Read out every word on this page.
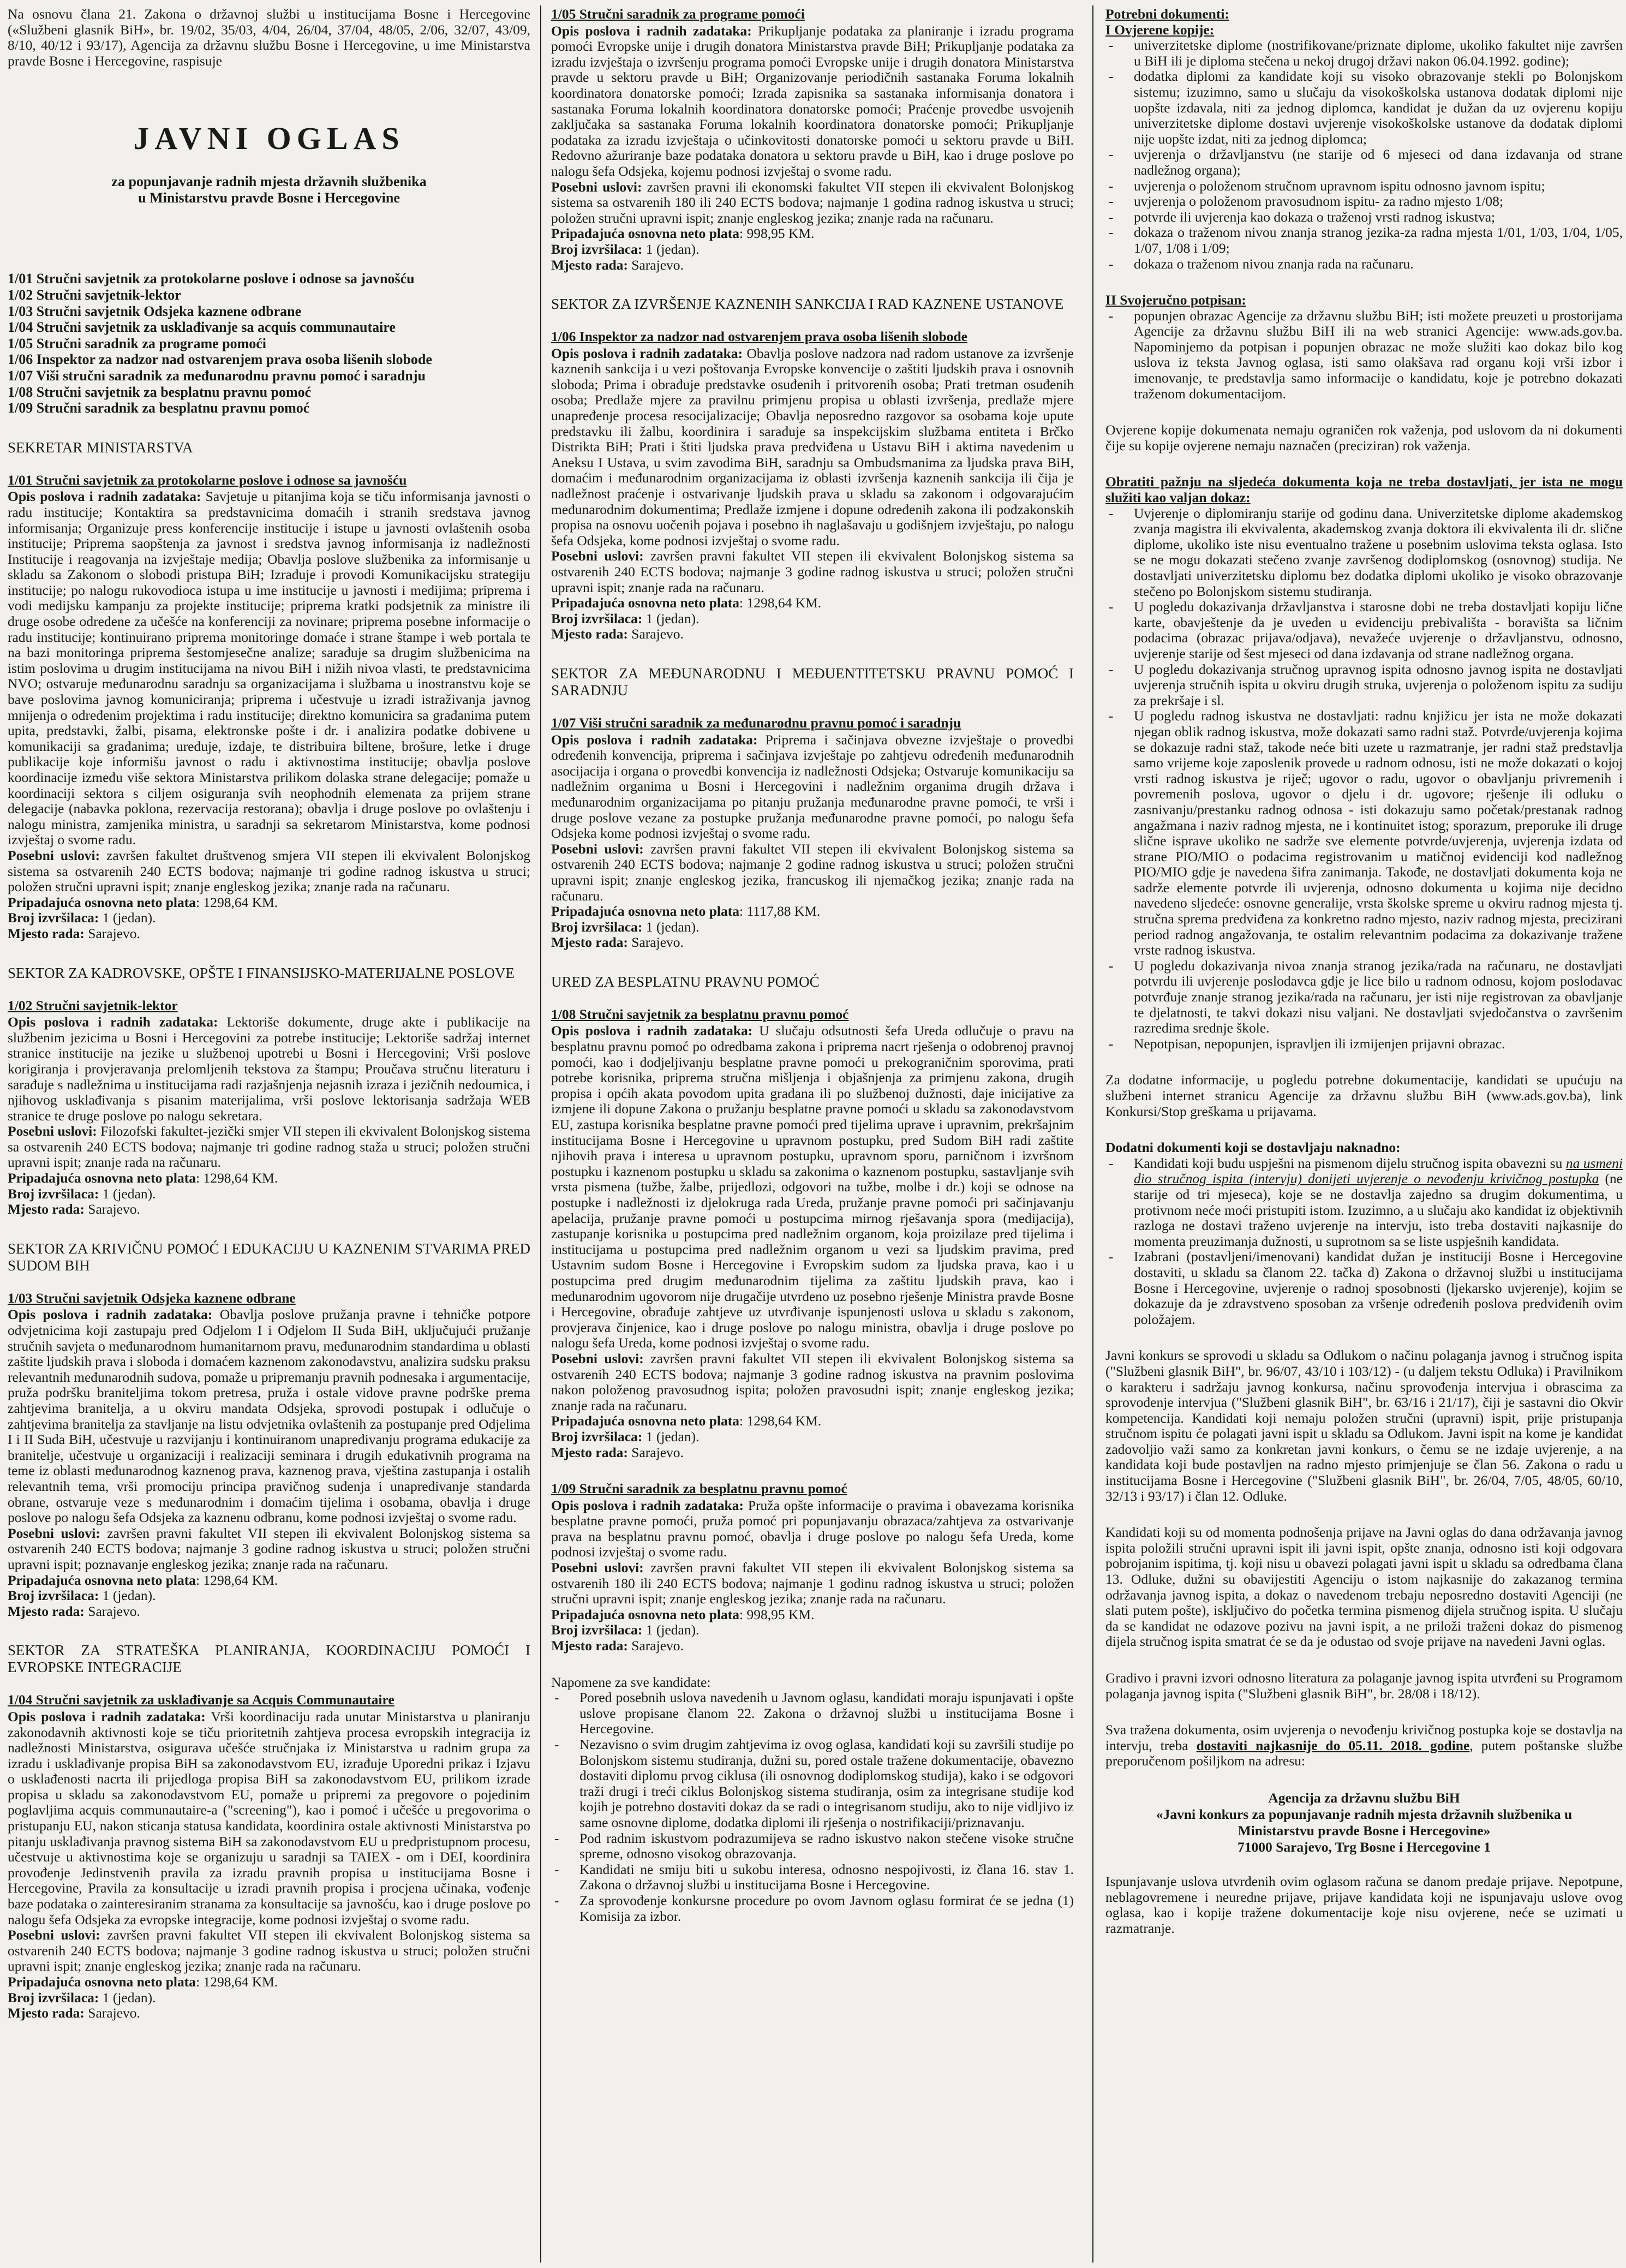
Na osnovu člana 21. Zakona o državnoj službi u institucijama Bosne i Hercegovine («Službeni glasnik BiH», br. 19/02, 35/03, 4/04, 26/04, 37/04, 48/05, 2/06, 32/07, 43/09, 8/10, 40/12 i 93/17), Agencija za državnu službu Bosne i Hercegovine, u ime Ministarstva pravde Bosne i Hercegovine, raspisuje

JAVNI OGLAS
za popunjavanje radnih mjesta državnih službenika
u Ministarstvu pravde Bosne i Hercegovine

1/01 Stručni savjetnik za protokolarne poslove i odnose sa javnošću

1/02 Stručni savjetnik-lektor

1/03 Stručni savjetnik Odsjeka kaznene odbrane

1/04 Stručni savjetnik za usklađivanje sa acquis communautaire

1/05 Stručni saradnik za programe pomoći

1/06 Inspektor za nadzor nad ostvarenjem prava osoba lišenih slobode

1/07 Viši stručni saradnik za međunarodnu pravnu pomoć i saradnju

1/08 Stručni savjetnik za besplatnu pravnu pomoć

1/09 Stručni saradnik za besplatnu pravnu pomoć

SEKRETAR MINISTARSTVA

1/01 Stručni savjetnik za protokolarne poslove i odnose sa javnošću

Opis poslova i radnih zadataka: Savjetuje u pitanjima koja se tiču informisanja javnosti o radu institucije; Kontaktira sa predstavnicima domaćih i stranih sredstava javnog informisanja; Organizuje press konferencije institucije i istupe u javnosti ovlaštenih osoba institucije; Priprema saopštenja za javnost i sredstva javnog informisanja iz nadležnosti Institucije i reagovanja na izvještaje medija; Obavlja poslove službenika za informisanje u skladu sa Zakonom o slobodi pristupa BiH; Izrađuje i provodi Komunikacijsku strategiju institucije; po nalogu rukovodioca istupa u ime institucije u javnosti i medijima; priprema i vodi medijsku kampanju za projekte institucije; priprema kratki podsjetnik za ministre ili druge osobe određene za učešće na konferenciji za novinare; priprema posebne informacije o radu institucije; kontinuirano priprema monitoringe domaće i strane štampe i web portala te na bazi monitoringa priprema šestomjesečne analize; sarađuje sa drugim službenicima na istim poslovima u drugim institucijama na nivou BiH i nižih nivoa vlasti, te predstavnicima NVO; ostvaruje međunarodnu saradnju sa organizacijama i službama u inostranstvu koje se bave poslovima javnog komuniciranja; priprema i učestvuje u izradi istraživanja javnog mnijenja o određenim projektima i radu institucije; direktno komunicira sa građanima putem upita, predstavki, žalbi, pisama, elektronske pošte i dr. i analizira podatke dobivene u komunikaciji sa građanima; uređuje, izdaje, te distribuira biltene, brošure, letke i druge publikacije koje informišu javnost o radu i aktivnostima institucije; obavlja poslove koordinacije između više sektora Ministarstva prilikom dolaska strane delegacije; pomaže u koordinaciji sektora s ciljem osiguranja svih neophodnih elemenata za prijem strane delegacije (nabavka poklona, rezervacija restorana); obavlja i druge poslove po ovlaštenju i nalogu ministra, zamjenika ministra, u saradnji sa sekretarom Ministarstva, kome podnosi izvještaj o svome radu.

Posebni uslovi: završen fakultet društvenog smjera VII stepen ili ekvivalent Bolonjskog sistema sa ostvarenih 240 ECTS bodova; najmanje tri godine radnog iskustva u struci; položen stručni upravni ispit; znanje engleskog jezika; znanje rada na računaru.

Pripadajuća osnovna neto plata: 1298,64 KM.

Broj izvršilaca: 1 (jedan).

Mjesto rada: Sarajevo.

SEKTOR ZA KADROVSKE, OPŠTE I FINANSIJSKO-MATERIJALNE POSLOVE

1/02 Stručni savjetnik-lektor

Opis poslova i radnih zadataka: Lektoriše dokumente, druge akte i publikacije na službenim jezicima u Bosni i Hercegovini za potrebe institucije; Lektoriše sadržaj internet stranice institucije na jezike u službenoj upotrebi u Bosni i Hercegovini; Vrši poslove korigiranja i provjeravanja prelomljenih tekstova za štampu; Proučava stručnu literaturu i sarađuje s nadležnima u institucijama radi razjašnjenja nejasnih izraza i jezičnih nedoumica, i njihovog usklađivanja s pisanim materijalima, vrši poslove lektorisanja sadržaja WEB stranice te druge poslove po nalogu sekretara.

Posebni uslovi: Filozofski fakultet-jezički smjer VII stepen ili ekvivalent Bolonjskog sistema sa ostvarenih 240 ECTS bodova; najmanje tri godine radnog staža u struci; položen stručni upravni ispit; znanje rada na računaru.

Pripadajuća osnovna neto plata: 1298,64 KM.

Broj izvršilaca: 1 (jedan).

Mjesto rada: Sarajevo.

SEKTOR ZA KRIVIČNU POMOĆ I EDUKACIJU U KAZNENIM STVARIMA PRED SUDOM BIH

1/03 Stručni savjetnik Odsjeka kaznene odbrane

Opis poslova i radnih zadataka: Obavlja poslove pružanja pravne i tehničke potpore odvjetnicima koji zastupaju pred Odjelom I i Odjelom II Suda BiH, uključujući pružanje stručnih savjeta o međunarodnom humanitarnom pravu, međunarodnim standardima u oblasti zaštite ljudskih prava i sloboda i domaćem kaznenom zakonodavstvu, analizira sudsku praksu relevantnih međunarodnih sudova, pomaže u pripremanju pravnih podnesaka i argumentacije, pruža podršku braniteljima tokom pretresa, pruža i ostale vidove pravne podrške prema zahtjevima branitelja, a u okviru mandata Odsjeka, sprovodi postupak i odlučuje o zahtjevima branitelja za stavljanje na listu odvjetnika ovlaštenih za postupanje pred Odjelima I i II Suda BiH, učestvuje u razvijanju i kontinuiranom unapređivanju programa edukacije za branitelje, učestvuje u organizaciji i realizaciji seminara i drugih edukativnih programa na teme iz oblasti međunarodnog kaznenog prava, kaznenog prava, vještina zastupanja i ostalih relevantnih tema, vrši promociju principa pravičnog suđenja i unapređivanje standarda obrane, ostvaruje veze s međunarodnim i domaćim tijelima i osobama, obavlja i druge poslove po nalogu šefa Odsjeka za kaznenu odbranu, kome podnosi izvještaj o svome radu.

Posebni uslovi: završen pravni fakultet VII stepen ili ekvivalent Bolonjskog sistema sa ostvarenih 240 ECTS bodova; najmanje 3 godine radnog iskustva u struci; položen stručni upravni ispit; poznavanje engleskog jezika; znanje rada na računaru.

Pripadajuća osnovna neto plata: 1298,64 KM.

Broj izvršilaca: 1 (jedan).

Mjesto rada: Sarajevo.

SEKTOR ZA STRATEŠKA PLANIRANJA, KOORDINACIJU POMOĆI I EVROPSKE INTEGRACIJE

1/04 Stručni savjetnik za usklađivanje sa Acquis Communautaire

Opis poslova i radnih zadataka: Vrši koordinaciju rada unutar Ministarstva u planiranju zakonodavnih aktivnosti koje se tiču prioritetnih zahtjeva procesa evropskih integracija iz nadležnosti Ministarstva, osigurava učešće stručnjaka iz Ministarstva u radnim grupa za izradu i usklađivanje propisa BiH sa zakonodavstvom EU, izrađuje Uporedni prikaz i Izjavu o usklađenosti nacrta ili prijedloga propisa BiH sa zakonodavstvom EU, prilikom izrade propisa u skladu sa zakonodavstvom EU, pomaže u pripremi za pregovore o pojedinim poglavljima acquis communautaire-a ("screening"), kao i pomoć i učešće u pregovorima o pristupanju EU, nakon sticanja statusa kandidata, koordinira ostale aktivnosti Ministarstva po pitanju usklađivanja pravnog sistema BiH sa zakonodavstvom EU u predpristupnom procesu, učestvuje u aktivnostima koje se organizuju u saradnji sa TAIEX - om i DEI, koordinira provođenje Jedinstvenih pravila za izradu pravnih propisa u institucijama Bosne i Hercegovine, Pravila za konsultacije u izradi pravnih propisa i procjena učinaka, vođenje baze podataka o zainteresiranim stranama za konsultacije sa javnošću, kao i druge poslove po nalogu šefa Odsjeka za evropske integracije, kome podnosi izvještaj o svome radu.

Posebni uslovi: završen pravni fakultet VII stepen ili ekvivalent Bolonjskog sistema sa ostvarenih 240 ECTS bodova; najmanje 3 godine radnog iskustva u struci; položen stručni upravni ispit; znanje engleskog jezika; znanje rada na računaru.

Pripadajuća osnovna neto plata: 1298,64 KM.

Broj izvršilaca: 1 (jedan).

Mjesto rada: Sarajevo.

1/05 Stručni saradnik za programe pomoći

Opis poslova i radnih zadataka: Prikupljanje podataka za planiranje i izradu programa pomoći Evropske unije i drugih donatora Ministarstva pravde BiH; Prikupljanje podataka za izradu izvještaja o izvršenju programa pomoći Evropske unije i drugih donatora Ministarstva pravde u sektoru pravde u BiH; Organizovanje periodičnih sastanaka Foruma lokalnih koordinatora donatorske pomoći; Izrada zapisnika sa sastanaka informisanja donatora i sastanaka Foruma lokalnih koordinatora donatorske pomoći; Praćenje provedbe usvojenih zaključaka sa sastanaka Foruma lokalnih koordinatora donatorske pomoći; Prikupljanje podataka za izradu izvještaja o učinkovitosti donatorske pomoći u sektoru pravde u BiH. Redovno ažuriranje baze podataka donatora u sektoru pravde u BiH, kao i druge poslove po nalogu šefa Odsjeka, kojemu podnosi izvještaj o svome radu.

Posebni uslovi: završen pravni ili ekonomski fakultet VII stepen ili ekvivalent Bolonjskog sistema sa ostvarenih 180 ili 240 ECTS bodova; najmanje 1 godina radnog iskustva u struci; položen stručni upravni ispit; znanje engleskog jezika; znanje rada na računaru.

Pripadajuća osnovna neto plata: 998,95 KM.

Broj izvršilaca: 1 (jedan).

Mjesto rada: Sarajevo.

SEKTOR ZA IZVRŠENJE KAZNENIH SANKCIJA I RAD KAZNENE USTANOVE

1/06 Inspektor za nadzor nad ostvarenjem prava osoba lišenih slobode

Opis poslova i radnih zadataka: Obavlja poslove nadzora nad radom ustanove za izvršenje kaznenih sankcija i u vezi poštovanja Evropske konvencije o zaštiti ljudskih prava i osnovnih sloboda; Prima i obrađuje predstavke osuđenih i pritvorenih osoba; Prati tretman osuđenih osoba; Predlaže mjere za pravilnu primjenu propisa u oblasti izvršenja, predlaže mjere unapređenje procesa resocijalizacije; Obavlja neposredno razgovor sa osobama koje upute predstavku ili žalbu, koordinira i sarađuje sa inspekcijskim službama entiteta i Brčko Distrikta BiH; Prati i štiti ljudska prava predviđena u Ustavu BiH i aktima navedenim u Aneksu I Ustava, u svim zavodima BiH, saradnju sa Ombudsmanima za ljudska prava BiH, domaćim i međunarodnim organizacijama iz oblasti izvršenja kaznenih sankcija ili čija je nadležnost praćenje i ostvarivanje ljudskih prava u skladu sa zakonom i odgovarajućim međunarodnim dokumentima; Predlaže izmjene i dopune određenih zakona ili podzakonskih propisa na osnovu uočenih pojava i posebno ih naglašavaju u godišnjem izvještaju, po nalogu šefa Odsjeka, kome podnosi izvještaj o svome radu.

Posebni uslovi: završen pravni fakultet VII stepen ili ekvivalent Bolonjskog sistema sa ostvarenih 240 ECTS bodova; najmanje 3 godine radnog iskustva u struci; položen stručni upravni ispit; znanje rada na računaru.

Pripadajuća osnovna neto plata: 1298,64 KM.

Broj izvršilaca: 1 (jedan).

Mjesto rada: Sarajevo.

SEKTOR ZA MEĐUNARODNU I MEĐUENTITETSKU PRAVNU POMOĆ I SARADNJU

1/07 Viši stručni saradnik za međunarodnu pravnu pomoć i saradnju

Opis poslova i radnih zadataka: Priprema i sačinjava obvezne izvještaje o provedbi određenih konvencija, priprema i sačinjava izvještaje po zahtjevu određenih međunarodnih asocijacija i organa o provedbi konvencija iz nadležnosti Odsjeka; Ostvaruje komunikaciju sa nadležnim organima u Bosni i Hercegovini i nadležnim organima drugih država i međunarodnim organizacijama po pitanju pružanja međunarodne pravne pomoći, te vrši i druge poslove vezane za postupke pružanja međunarodne pravne pomoći, po nalogu šefa Odsjeka kome podnosi izvještaj o svome radu.

Posebni uslovi: završen pravni fakultet VII stepen ili ekvivalent Bolonjskog sistema sa ostvarenih 240 ECTS bodova; najmanje 2 godine radnog iskustva u struci; položen stručni upravni ispit; znanje engleskog jezika, francuskog ili njemačkog jezika; znanje rada na računaru.

Pripadajuća osnovna neto plata: 1117,88 KM.

Broj izvršilaca: 1 (jedan).

Mjesto rada: Sarajevo.

URED ZA BESPLATNU PRAVNU POMOĆ

1/08 Stručni savjetnik za besplatnu pravnu pomoć

Opis poslova i radnih zadataka: U slučaju odsutnosti šefa Ureda odlučuje o pravu na besplatnu pravnu pomoć po odredbama zakona i priprema nacrt rješenja o odobrenoj pravnoj pomoći, kao i dodjeljivanju besplatne pravne pomoći u prekograničnim sporovima, prati potrebe korisnika, priprema stručna mišljenja i objašnjenja za primjenu zakona, drugih propisa i općih akata povodom upita građana ili po službenoj dužnosti, daje inicijative za izmjene ili dopune Zakona o pružanju besplatne pravne pomoći u skladu sa zakonodavstvom EU, zastupa korisnika besplatne pravne pomoći pred tijelima uprave i upravnim, prekršajnim institucijama Bosne i Hercegovine u upravnom postupku, pred Sudom BiH radi zaštite njihovih prava i interesa u upravnom postupku, upravnom sporu, parničnom i izvršnom postupku i kaznenom postupku u skladu sa zakonima o kaznenom postupku, sastavljanje svih vrsta pismena (tužbe, žalbe, prijedlozi, odgovori na tužbe, molbe i dr.) koji se odnose na postupke i nadležnosti iz djelokruga rada Ureda, pružanje pravne pomoći pri sačinjavanju apelacija, pružanje pravne pomoći u postupcima mirnog rješavanja spora (medijacija), zastupanje korisnika u postupcima pred nadležnim organom, koja proizilaze pred tijelima i institucijama u postupcima pred nadležnim organom u vezi sa ljudskim pravima, pred Ustavnim sudom Bosne i Hercegovine i Evropskim sudom za ljudska prava, kao i u postupcima pred drugim međunarodnim tijelima za zaštitu ljudskih prava, kao i međunarodnim ugovorom nije drugačije utvrđeno uz posebno rješenje Ministra pravde Bosne i Hercegovine, obrađuje zahtjeve uz utvrđivanje ispunjenosti uslova u skladu s zakonom, provjerava činjenice, kao i druge poslove po nalogu ministra, obavlja i druge poslove po nalogu šefa Ureda, kome podnosi izvještaj o svome radu.

Posebni uslovi: završen pravni fakultet VII stepen ili ekvivalent Bolonjskog sistema sa ostvarenih 240 ECTS bodova; najmanje 3 godine radnog iskustva na pravnim poslovima nakon položenog pravosudnog ispita; položen pravosudni ispit; znanje engleskog jezika; znanje rada na računaru.

Pripadajuća osnovna neto plata: 1298,64 KM.

Broj izvršilaca: 1 (jedan).

Mjesto rada: Sarajevo.

1/09 Stručni saradnik za besplatnu pravnu pomoć

Opis poslova i radnih zadataka: Pruža opšte informacije o pravima i obavezama korisnika besplatne pravne pomoći, pruža pomoć pri popunjavanju obrazaca/zahtjeva za ostvarivanje prava na besplatnu pravnu pomoć, obavlja i druge poslove po nalogu šefa Ureda, kome podnosi izvještaj o svome radu.

Posebni uslovi: završen pravni fakultet VII stepen ili ekvivalent Bolonjskog sistema sa ostvarenih 180 ili 240 ECTS bodova; najmanje 1 godinu radnog iskustva u struci; položen stručni upravni ispit; znanje engleskog jezika; znanje rada na računaru.

Pripadajuća osnovna neto plata: 998,95 KM.

Broj izvršilaca: 1 (jedan).

Mjesto rada: Sarajevo.

Napomene za sve kandidate:

- Pored posebnih uslova navedenih u Javnom oglasu, kandidati moraju ispunjavati i opšte uslove propisane članom 22. Zakona o državnoj službi u institucijama Bosne i Hercegovine.
- Nezavisno o svim drugim zahtjevima iz ovog oglasa, kandidati koji su završili studije po Bolonjskom sistemu studiranja, dužni su, pored ostale tražene dokumentacije, obavezno dostaviti diplomu prvog ciklusa (ili osnovnog dodiplomskog studija), kako i se odgovori traži drugi i treći ciklus Bolonjskog sistema studiranja, osim za integrisane studije kod kojih je potrebno dostaviti dokaz da se radi o integrisanom studiju, ako to nije vidljivo iz same osnovne diplome, dodatka diplomi ili rješenja o nostrifikaciji/priznavanju.
- Pod radnim iskustvom podrazumijeva se radno iskustvo nakon stečene visoke stručne spreme, odnosno visokog obrazovanja.
- Kandidati ne smiju biti u sukobu interesa, odnosno nespojivosti, iz člana 16. stav 1. Zakona o državnoj službi u institucijama Bosne i Hercegovine.
- Za sprovođenje konkursne procedure po ovom Javnom oglasu formirat će se jedna (1) Komisija za izbor.

Potrebni dokumenti:

I Ovjerene kopije:

- univerzitetske diplome (nostrifikovane/priznate diplome, ukoliko fakultet nije završen u BiH ili je diploma stečena u nekoj drugoj državi nakon 06.04.1992. godine);
- dodatka diplomi za kandidate koji su visoko obrazovanje stekli po Bolonjskom sistemu; izuzimno, samo u slučaju da visokoškolska ustanova dodatak diplomi nije uopšte izdavala, niti za jednog diplomca, kandidat je dužan da uz ovjerenu kopiju univerzitetske diplome dostavi uvjerenje visokoškolske ustanove da dodatak diplomi nije uopšte izdat, niti za jednog diplomca;
- uvjerenja o državljanstvu (ne starije od 6 mjeseci od dana izdavanja od strane nadležnog organa);
- uvjerenja o položenom stručnom upravnom ispitu odnosno javnom ispitu;
- uvjerenja o položenom pravosudnom ispitu- za radno mjesto 1/08;
- potvrde ili uvjerenja kao dokaza o traženoj vrsti radnog iskustva;
- dokaza o traženom nivou znanja stranog jezika-za radna mjesta 1/01, 1/03, 1/04, 1/05, 1/07, 1/08 i 1/09;
- dokaza o traženom nivou znanja rada na računaru.

II Svojeručno potpisan:

- popunjen obrazac Agencije za državnu službu BiH; isti možete preuzeti u prostorijama Agencije za državnu službu BiH ili na web stranici Agencije: www.ads.gov.ba. Napominjemo da potpisan i popunjen obrazac ne može služiti kao dokaz bilo kog uslova iz teksta Javnog oglasa, isti samo olakšava rad organu koji vrši izbor i imenovanje, te predstavlja samo informacije o kandidatu, koje je potrebno dokazati traženom dokumentacijom.

Ovjerene kopije dokumenata nemaju ograničen rok važenja, pod uslovom da ni dokumenti čije su kopije ovjerene nemaju naznačen (preciziran) rok važenja.

Obratiti pažnju na sljedeća dokumenta koja ne treba dostavljati, jer ista ne mogu služiti kao valjan dokaz:

- Uvjerenje o diplomiranju starije od godinu dana. Univerzitetske diplome akademskog zvanja magistra ili ekvivalenta, akademskog zvanja doktora ili ekvivalenta ili dr. slične diplome, ukoliko iste nisu eventualno tražene u posebnim uslovima teksta oglasa. Isto se ne mogu dokazati stečeno zvanje završenog dodiplomskog (osnovnog) studija. Ne dostavljati univerzitetsku diplomu bez dodatka diplomi ukoliko je visoko obrazovanje stečeno po Bolonjskom sistemu studiranja.
- U pogledu dokazivanja državljanstva i starosne dobi ne treba dostavljati kopiju lične karte, obavještenje da je uveden u evidenciju prebivališta - boravišta sa ličnim podacima (obrazac prijava/odjava), nevažeće uvjerenje o državljanstvu, odnosno, uvjerenje starije od šest mjeseci od dana izdavanja od strane nadležnog organa.
- U pogledu dokazivanja stručnog upravnog ispita odnosno javnog ispita ne dostavljati uvjerenja stručnih ispita u okviru drugih struka, uvjerenja o položenom ispitu za sudiju za prekršaje i sl.
- U pogledu radnog iskustva ne dostavljati: radnu knjižicu jer ista ne može dokazati njegan oblik radnog iskustva, može dokazati samo radni staž. Potvrde/uvjerenja kojima se dokazuje radni staž, takođe neće biti uzete u razmatranje, jer radni staž predstavlja samo vrijeme koje zaposlenik provede u radnom odnosu, isti ne može dokazati o kojoj vrsti radnog iskustva je riječ; ugovor o radu, ugovor o obavljanju privremenih i povremenih poslova, ugovor o djelu i dr. ugovore; rješenje ili odluku o zasnivanju/prestanku radnog odnosa - isti dokazuju samo početak/prestanak radnog angažmana i naziv radnog mjesta, ne i kontinuitet istog; sporazum, preporuke ili druge slične isprave ukoliko ne sadrže sve elemente potvrde/uvjerenja, uvjerenja izdata od strane PIO/MIO o podacima registrovanim u matičnoj evidenciji kod nadležnog PIO/MIO gdje je navedena šifra zanimanja. Takođe, ne dostavljati dokumenta koja ne sadrže elemente potvrde ili uvjerenja, odnosno dokumenta u kojima nije decidno navedeno sljedeće: osnovne generalije, vrsta školske spreme u okviru radnog mjesta tj. stručna sprema predviđena za konkretno radno mjesto, naziv radnog mjesta, precizirani period radnog angažovanja, te ostalim relevantnim podacima za dokazivanje tražene vrste radnog iskustva.
- U pogledu dokazivanja nivoa znanja stranog jezika/rada na računaru, ne dostavljati potvrdu ili uvjerenje poslodavca gdje je lice bilo u radnom odnosu, kojom poslodavac potvrđuje znanje stranog jezika/rada na računaru, jer isti nije registrovan za obavljanje te djelatnosti, te takvi dokazi nisu valjani. Ne dostavljati svjedočanstva o završenim razredima srednje škole.
- Nepotpisan, nepopunjen, ispravljen ili izmijenjen prijavni obrazac.

Za dodatne informacije, u pogledu potrebne dokumentacije, kandidati se upućuju na službeni internet stranicu Agencije za državnu službu BiH (www.ads.gov.ba), link Konkursi/Stop greškama u prijavama.

Dodatni dokumenti koji se dostavljaju naknadno:

- Kandidati koji budu uspješni na pismenom dijelu stručnog ispita obavezni su na usmeni dio stručnog ispita (intervju) donijeti uvjerenje o nevođenju krivičnog postupka (ne starije od tri mjeseca), koje se ne dostavlja zajedno sa drugim dokumentima, u protivnom neće moći pristupiti istom. Izuzimno, a u slučaju ako kandidat iz objektivnih razloga ne dostavi traženo uvjerenje na intervju, isto treba dostaviti najkasnije do momenta preuzimanja dužnosti, u suprotnom sa se liste uspješnih kandidata.
- Izabrani (postavljeni/imenovani) kandidat dužan je instituciji Bosne i Hercegovine dostaviti, u skladu sa članom 22. tačka d) Zakona o državnoj službi u institucijama Bosne i Hercegovine, uvjerenje o radnoj sposobnosti (ljekarsko uvjerenje), kojim se dokazuje da je zdravstveno sposoban za vršenje određenih poslova predviđenih ovim položajem.

Javni konkurs se sprovodi u skladu sa Odlukom o načinu polaganja javnog i stručnog ispita ("Službeni glasnik BiH", br. 96/07, 43/10 i 103/12) - (u daljem tekstu Odluka) i Pravilnikom o karakteru i sadržaju javnog konkursa, načinu sprovođenja intervjua i obrascima za sprovođenje intervjua ("Službeni glasnik BiH", br. 63/16 i 21/17), čiji je sastavni dio Okvir kompetencija. Kandidati koji nemaju položen stručni (upravni) ispit, prije pristupanja stručnom ispitu će polagati javni ispit u skladu sa Odlukom. Javni ispit na kome je kandidat zadovoljio važi samo za konkretan javni konkurs, o čemu se ne izdaje uvjerenje, a na kandidata koji bude postavljen na radno mjesto primjenjuje se član 56. Zakona o radu u institucijama Bosne i Hercegovine ("Službeni glasnik BiH", br. 26/04, 7/05, 48/05, 60/10, 32/13 i 93/17) i član 12. Odluke.

Kandidati koji su od momenta podnošenja prijave na Javni oglas do dana održavanja javnog ispita položili stručni upravni ispit ili javni ispit, opšte znanja, odnosno isti koji odgovara pobrojanim ispitima, tj. koji nisu u obavezi polagati javni ispit u skladu sa odredbama člana 13. Odluke, dužni su obavijestiti Agenciju o istom najkasnije do zakazanog termina održavanja javnog ispita, a dokaz o navedenom trebaju neposredno dostaviti Agenciji (ne slati putem pošte), isključivo do početka termina pismenog dijela stručnog ispita. U slučaju da se kandidat ne odazove pozivu na javni ispit, a ne priloži traženi dokaz do pismenog dijela stručnog ispita smatrat će se da je odustao od svoje prijave na navedeni Javni oglas.

Gradivo i pravni izvori odnosno literatura za polaganje javnog ispita utvrđeni su Programom polaganja javnog ispita ("Službeni glasnik BiH", br. 28/08 i 18/12).

Sva tražena dokumenta, osim uvjerenja o nevođenju krivičnog postupka koje se dostavlja na intervju, treba dostaviti najkasnije do 05.11. 2018. godine, putem poštanske službe preporučenom pošiljkom na adresu:

Agencija za državnu službu BiH
«Javni konkurs za popunjavanje radnih mjesta državnih službenika u
Ministarstvu pravde Bosne i Hercegovine»
71000 Sarajevo, Trg Bosne i Hercegovine 1

Ispunjavanje uslova utvrđenih ovim oglasom računa se danom predaje prijave. Nepotpune, neblagovremene i neuredne prijave, prijave kandidata koji ne ispunjavaju uslove ovog oglasa, kao i kopije tražene dokumentacije koje nisu ovjerene, neće se uzimati u razmatranje.
